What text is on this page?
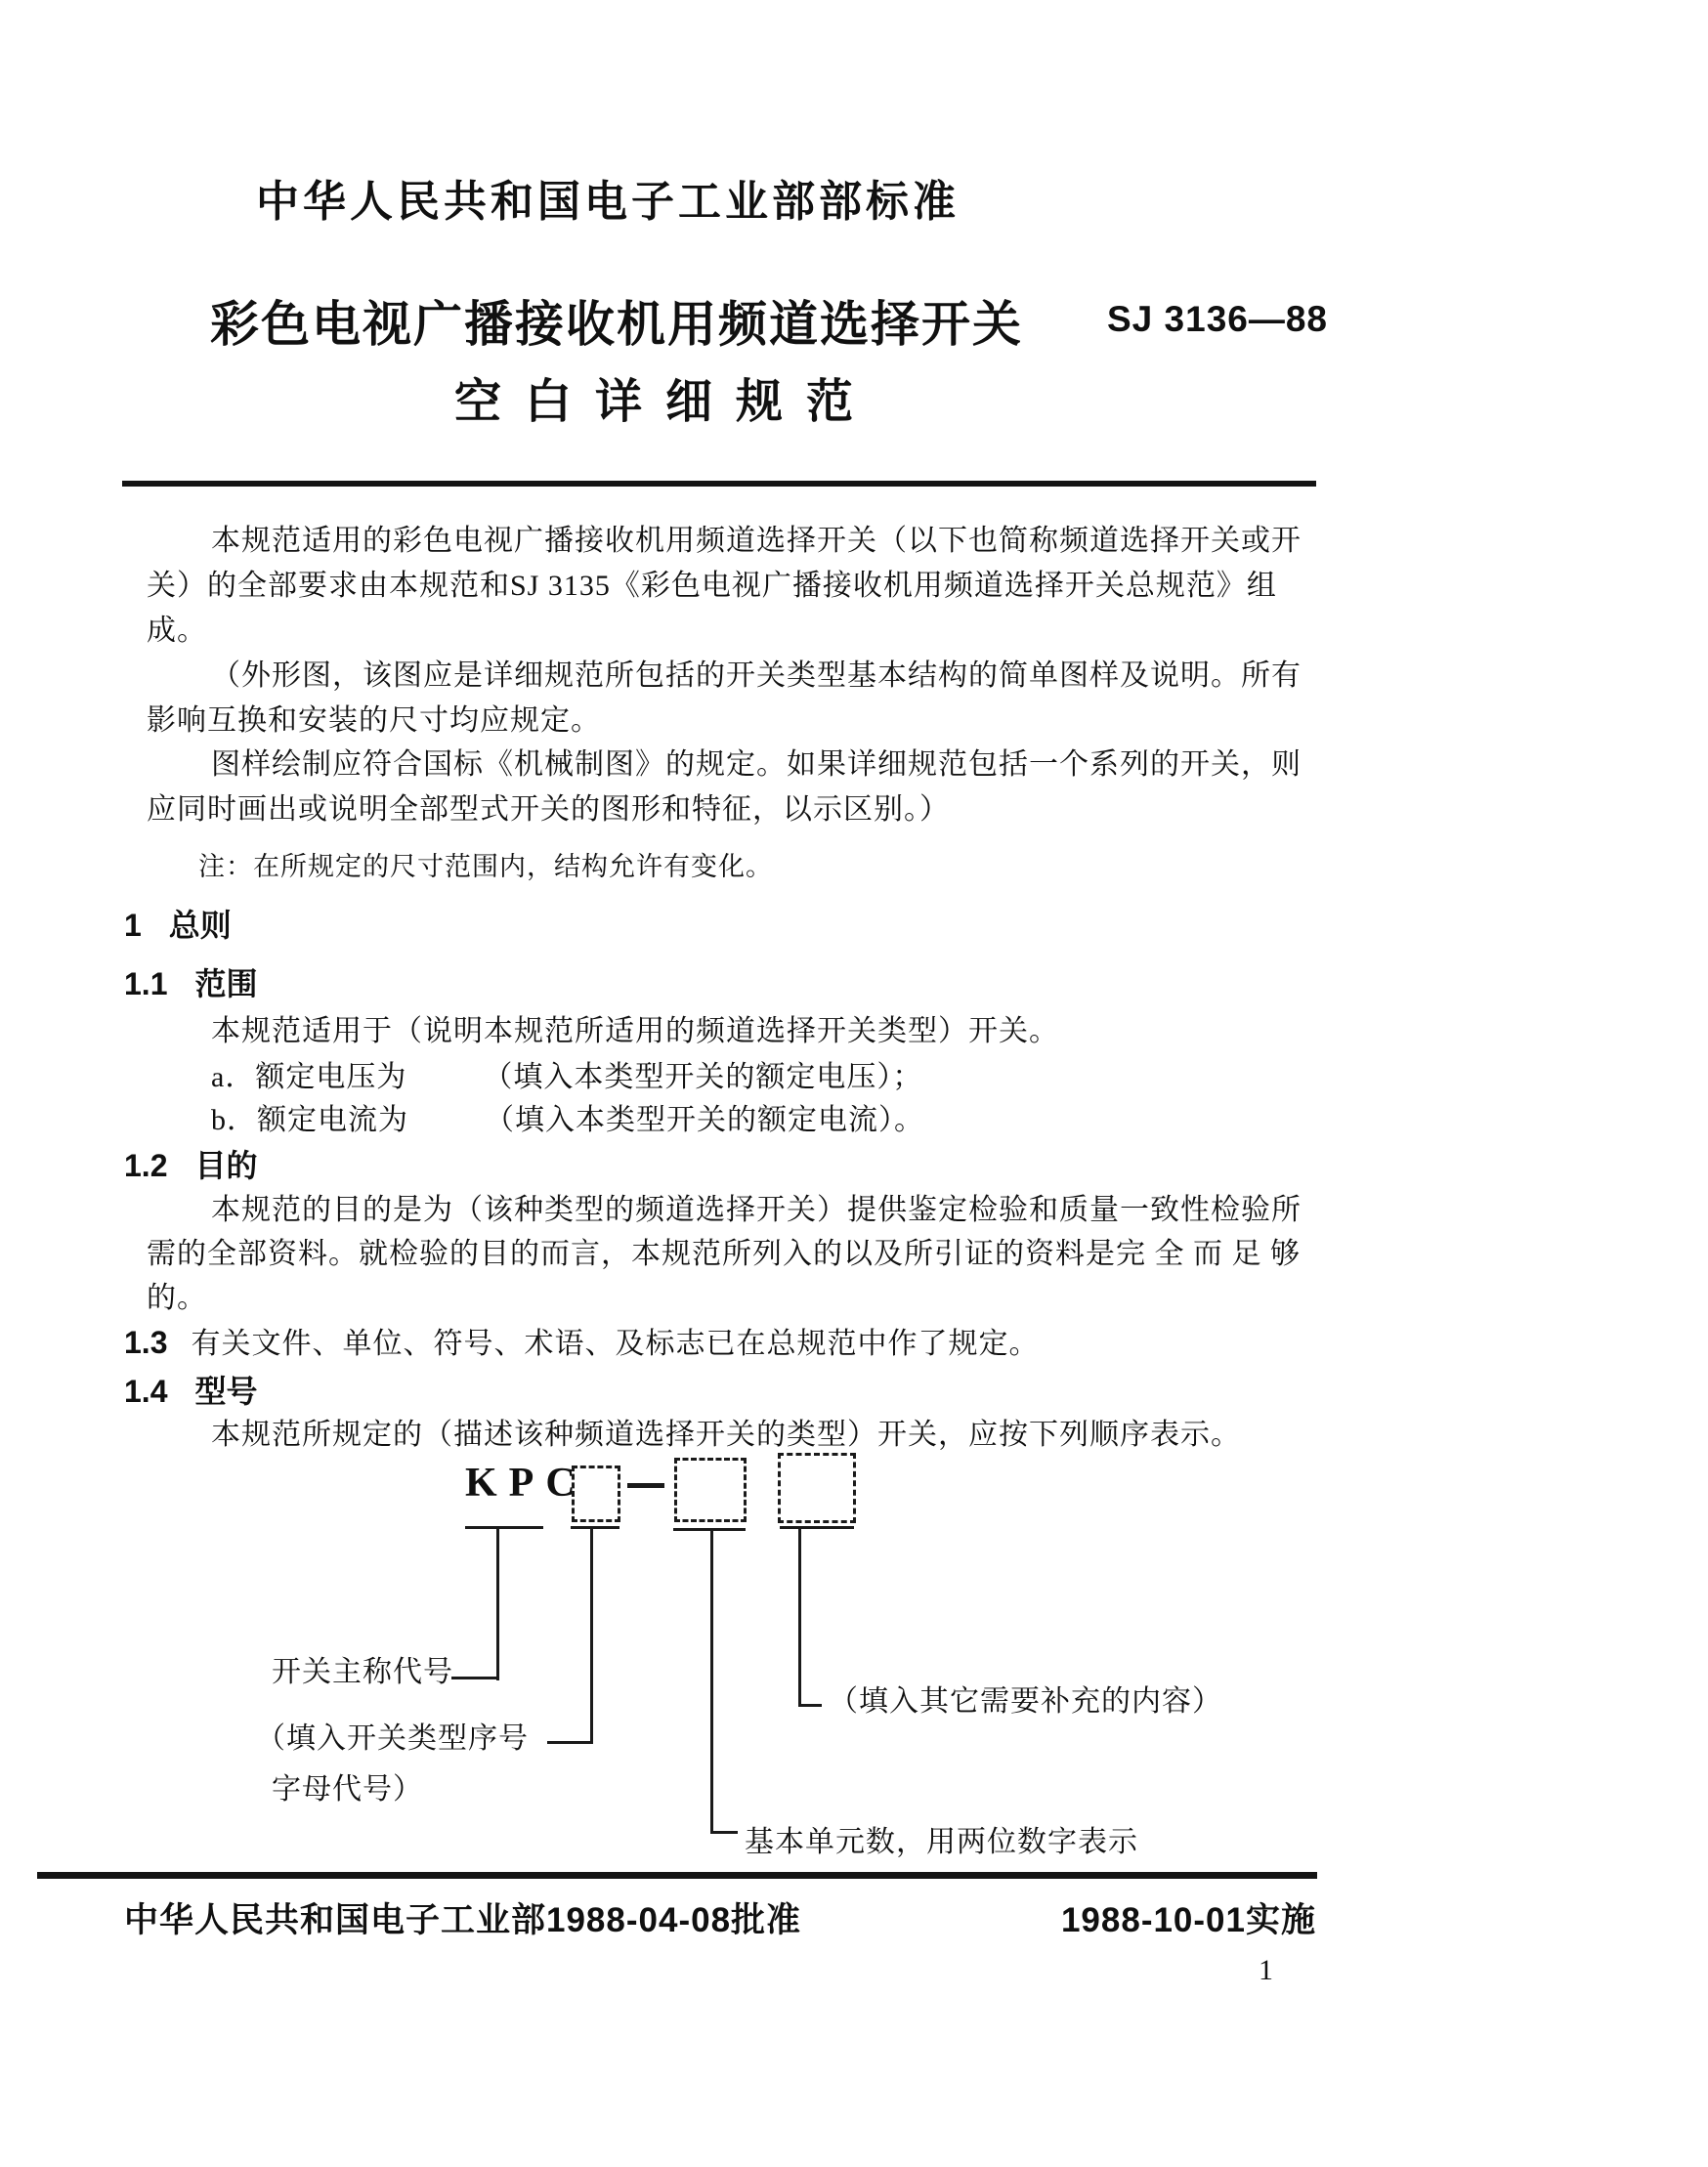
中华人民共和国电子工业部部标准
彩色电视广播接收机用频道选择开关 SJ 3136—88
空白详细规范
本规范适用的彩色电视广播接收机用频道选择开关（以下也简称频道选择开关或开
关）的全部要求由本规范和SJ 3135《彩色电视广播接收机用频道选择开关总规范》组
成。
（外形图，该图应是详细规范所包括的开关类型基本结构的简单图样及说明。所有
影响互换和安装的尺寸均应规定。
图样绘制应符合国标《机械制图》的规定。如果详细规范包括一个系列的开关，则
应同时画出或说明全部型式开关的图形和特征，以示区别。）
注：在所规定的尺寸范围内，结构允许有变化。
1 总则
1.1 范围
本规范适用于（说明本规范所适用的频道选择开关类型）开关。
a．额定电压为　　　（填入本类型开关的额定电压）；
b．额定电流为　　　（填入本类型开关的额定电流）。
1.2 目的
本规范的目的是为（该种类型的频道选择开关）提供鉴定检验和质量一致性检验所
需的全部资料。就检验的目的而言，本规范所列入的以及所引证的资料是完 全 而 足 够
的。
1.3 有关文件、单位、符号、术语、及标志已在总规范中作了规定。
1.4 型号
本规范所规定的（描述该种频道选择开关的类型）开关，应按下列顺序表示。
KPC
开关主称代号
（填入开关类型序号
字母代号）
（填入其它需要补充的内容）
基本单元数，用两位数字表示
中华人民共和国电子工业部1988-04-08批准	1988-10-01实施
1
